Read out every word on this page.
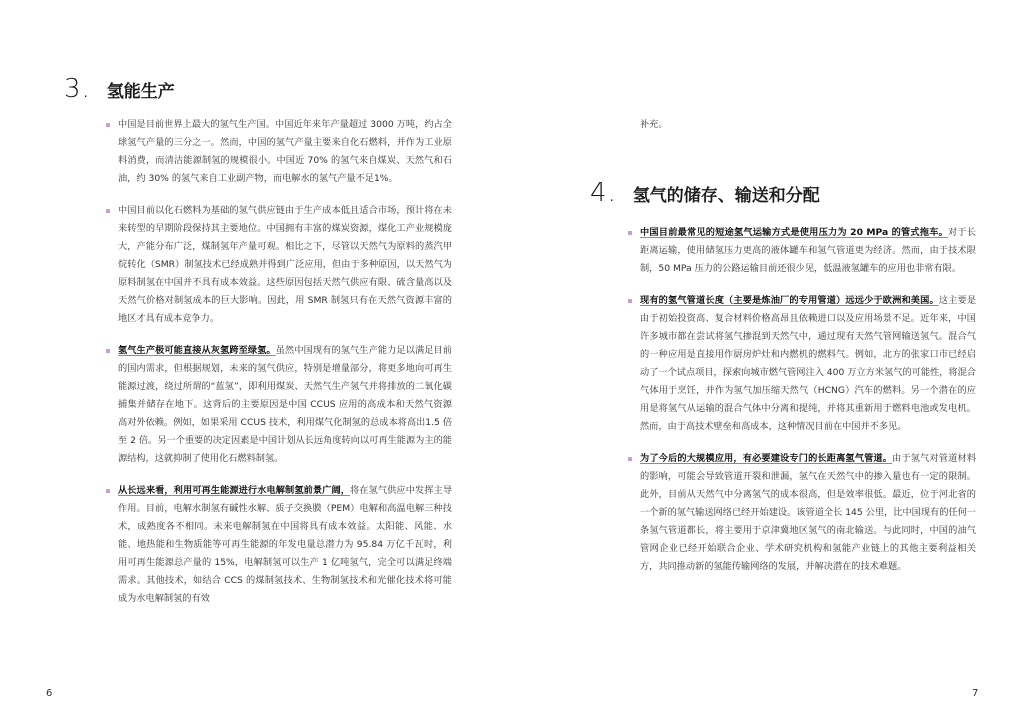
3. 氢能生产
中国是目前世界上最大的氢气生产国。中国近年来年产量超过 3000 万吨，约占全球氢气产量的三分之一。然而，中国的氢气产量主要来自化石燃料，并作为工业原料消费，而清洁能源制氢的规模很小。中国近 70% 的氢气来自煤炭、天然气和石油，约 30% 的氢气来自工业副产物，而电解水的氢气产量不足1%。
中国目前以化石燃料为基础的氢气供应链由于生产成本低且适合市场，预计将在未来转型的早期阶段保持其主要地位。中国拥有丰富的煤炭资源，煤化工产业规模庞大，产能分布广泛，煤制氢年产量可观。相比之下，尽管以天然气为原料的蒸汽甲烷转化（SMR）制氢技术已经成熟并得到广泛应用，但由于多种原因，以天然气为原料制氢在中国并不具有成本效益。这些原因包括天然气供应有限、硫含量高以及天然气价格对制氢成本的巨大影响。因此，用 SMR 制氢只有在天然气资源丰富的地区才具有成本竞争力。
氢气生产极可能直接从灰氢跨至绿氢。虽然中国现有的氢气生产能力足以满足目前的国内需求，但根据规划，未来的氢气供应，特别是增量部分，将更多地向可再生能源过渡，绕过所谓的“蓝氢”，即利用煤炭、天然气生产氢气并将排放的二氧化碳捕集并储存在地下。这背后的主要原因是中国 CCUS 应用的高成本和天然气资源高对外依赖。例如，如果采用 CCUS 技术，利用煤气化制氢的总成本将高出1.5 倍至 2 倍。另一个重要的决定因素是中国计划从长远角度转向以可再生能源为主的能源结构，这就抑制了使用化石燃料制氢。
从长远来看，利用可再生能源进行水电解制氢前景广阔，将在氢气供应中发挥主导作用。目前，电解水制氢有碱性水解、质子交换膜（PEM）电解和高温电解三种技术，成熟度各不相同。未来电解制氢在中国将具有成本效益。太阳能、风能、水能、地热能和生物质能等可再生能源的年发电量总潜力为 95.84 万亿千瓦时，利用可再生能源总产量的 15%，电解制氢可以生产 1 亿吨氢气，完全可以满足终端需求。其他技术，如结合 CCS 的煤制氢技术、生物制氢技术和光催化技术将可能成为水电解制氢的有效
6
补充。
4. 氢气的储存、输送和分配
中国目前最常见的短途氢气运输方式是使用压力为 20 MPa 的管式拖车。对于长距离运输，使用储氢压力更高的液体罐车和氢气管道更为经济。然而，由于技术限制，50 MPa 压力的公路运输目前还很少见，低温液氢罐车的应用也非常有限。
现有的氢气管道长度（主要是炼油厂的专用管道）远远少于欧洲和美国。这主要是由于初始投资高、复合材料价格高昂且依赖进口以及应用场景不足。近年来，中国许多城市都在尝试将氢气掺混到天然气中，通过现有天然气管网输送氢气。混合气的一种应用是直接用作厨房炉灶和内燃机的燃料气。例如，北方的张家口市已经启动了一个试点项目，探索向城市燃气管网注入 400 万立方米氢气的可能性，将混合气体用于烹饪，并作为氢气加压缩天然气（HCNG）汽车的燃料。另一个潜在的应用是将氢气从运输的混合气体中分离和提纯，并将其重新用于燃料电池或发电机。然而，由于高技术壁垒和高成本，这种情况目前在中国并不多见。
为了今后的大规模应用，有必要建设专门的长距离氢气管道。由于氢气对管道材料的影响，可能会导致管道开裂和泄漏，氢气在天然气中的掺入量也有一定的限制。此外，目前从天然气中分离氢气的成本很高，但是效率很低。最近，位于河北省的一个新的氢气输送网络已经开始建设。该管道全长 145 公里，比中国现有的任何一条氢气管道都长，将主要用于京津冀地区氢气的南北输送。与此同时，中国的油气管网企业已经开始联合企业、学术研究机构和氢能产业链上的其他主要利益相关方，共同推动新的氢能传输网络的发展，并解决潜在的技术难题。
7
